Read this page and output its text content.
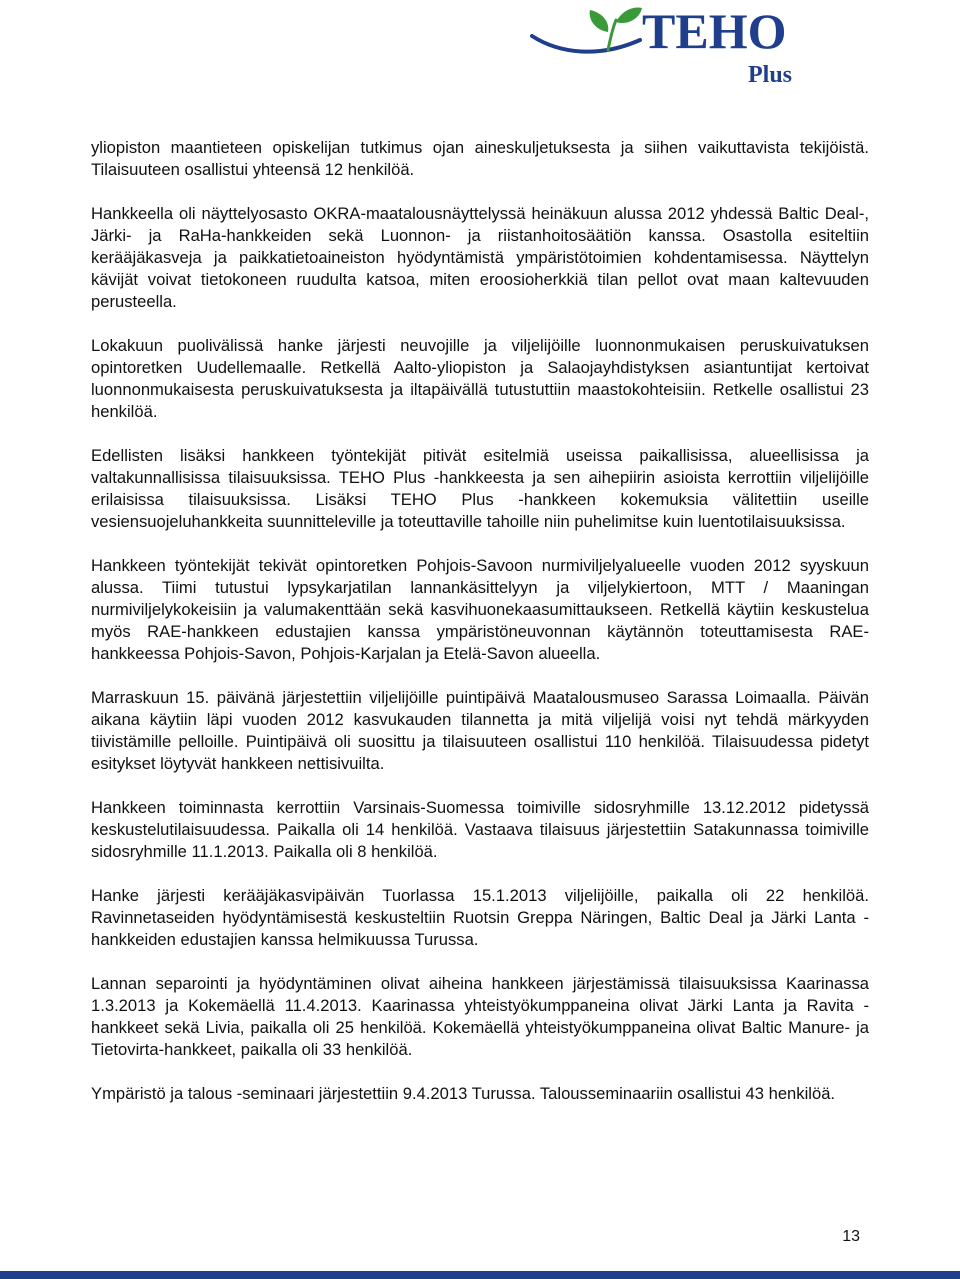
TEHO
Plus

yliopiston maantieteen opiskelijan tutkimus ojan aineskuljetuksesta ja siihen vaikuttavista tekijöistä. Tilaisuuteen osallistui yhteensä 12 henkilöä.

Hankkeella oli näyttelyosasto OKRA-maatalousnäyttelyssä heinäkuun alussa 2012 yhdessä Baltic Deal-, Järki- ja RaHa-hankkeiden sekä Luonnon- ja riistanhoitosäätiön kanssa. Osastolla esiteltiin kerääjäkasveja ja paikkatietoaineiston hyödyntämistä ympäristötoimien kohdentamisessa. Näyttelyn kävijät voivat tietokoneen ruudulta katsoa, miten eroosioherkkiä tilan pellot ovat maan kaltevuuden perusteella.

Lokakuun puolivälissä hanke järjesti neuvojille ja viljelijöille luonnonmukaisen peruskuivatuksen opintoretken Uudellemaalle. Retkellä Aalto-yliopiston ja Salaojayhdistyksen asiantuntijat kertoivat luonnonmukaisesta peruskuivatuksesta ja iltapäivällä tutustuttiin maastokohteisiin. Retkelle osallistui 23 henkilöä.

Edellisten lisäksi hankkeen työntekijät pitivät esitelmiä useissa paikallisissa, alueellisissa ja valtakunnallisissa tilaisuuksissa. TEHO Plus -hankkeesta ja sen aihepiirin asioista kerrottiin viljelijöille erilaisissa tilaisuuksissa. Lisäksi TEHO Plus -hankkeen kokemuksia välitettiin useille vesiensuojeluhankkeita suunnitteleville ja toteuttaville tahoille niin puhelimitse kuin luentotilaisuuksissa.

Hankkeen työntekijät tekivät opintoretken Pohjois-Savoon nurmiviljelyalueelle vuoden 2012 syyskuun alussa. Tiimi tutustui lypsykarjatilan lannankäsittelyyn ja viljelykiertoon, MTT / Maaningan nurmiviljelykokeisiin ja valumakenttään sekä kasvihuonekaasumittaukseen. Retkellä käytiin keskustelua myös RAE-hankkeen edustajien kanssa ympäristöneuvonnan käytännön toteuttamisesta RAE-hankkeessa Pohjois-Savon, Pohjois-Karjalan ja Etelä-Savon alueella.

Marraskuun 15. päivänä järjestettiin viljelijöille puintipäivä Maatalousmuseo Sarassa Loimaalla. Päivän aikana käytiin läpi vuoden 2012 kasvukauden tilannetta ja mitä viljelijä voisi nyt tehdä märkyyden tiivistämille pelloille. Puintipäivä oli suosittu ja tilaisuuteen osallistui 110 henkilöä. Tilaisuudessa pidetyt esitykset löytyvät hankkeen nettisivuilta.

Hankkeen toiminnasta kerrottiin Varsinais-Suomessa toimiville sidosryhmille 13.12.2012 pidetyssä keskustelutilaisuudessa. Paikalla oli 14 henkilöä. Vastaava tilaisuus järjestettiin Satakunnassa toimiville sidosryhmille 11.1.2013. Paikalla oli 8 henkilöä.

Hanke järjesti kerääjäkasvipäivän Tuorlassa 15.1.2013 viljelijöille, paikalla oli 22 henkilöä. Ravinnetaseiden hyödyntämisestä keskusteltiin Ruotsin Greppa Näringen, Baltic Deal ja Järki Lanta -hankkeiden edustajien kanssa helmikuussa Turussa.

Lannan separointi ja hyödyntäminen olivat aiheina hankkeen järjestämissä tilaisuuksissa Kaarinassa 1.3.2013 ja Kokemäellä 11.4.2013. Kaarinassa yhteistyökumppaneina olivat Järki Lanta ja Ravita -hankkeet sekä Livia, paikalla oli 25 henkilöä. Kokemäellä yhteistyökumppaneina olivat Baltic Manure- ja Tietovirta-hankkeet, paikalla oli 33 henkilöä.

Ympäristö ja talous -seminaari järjestettiin 9.4.2013 Turussa. Talousseminaariin osallistui 43 henkilöä.

13
